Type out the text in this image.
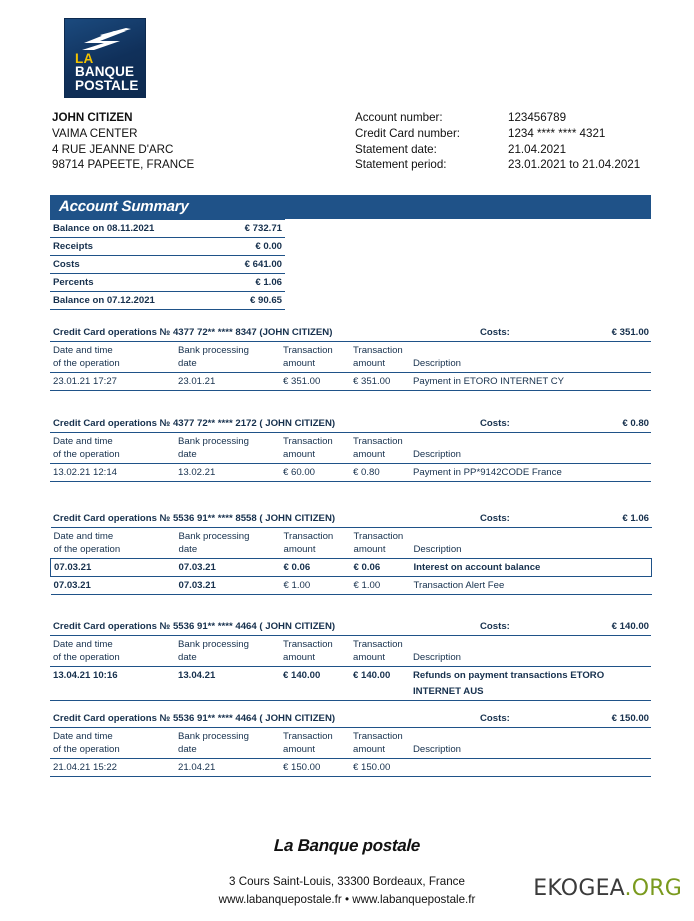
LA
BANQUE
POSTALE
JOHN CITIZEN
VAIMA CENTER
4 RUE JEANNE D'ARC
98714 PAPEETE, FRANCE
Account number:	123456789
Credit Card number:	1234 **** **** 4321
Statement date:	21.04.2021
Statement period:	23.01.2021 to 21.04.2021
Account Summary
Balance on 08.11.2021	€ 732.71
Receipts	€ 0.00
Costs	€ 641.00
Percents	€ 1.06
Balance on 07.12.2021	€ 90.65
Credit Card operations № 4377 72** **** 8347 (JOHN CITIZEN)	Costs:	€ 351.00
Date and time	Bank processing	Transaction	Transaction	
of the operation	date	amount	amount	Description
23.01.21 17:27	23.01.21	€ 351.00	€ 351.00	Payment in ETORO INTERNET CY
Credit Card operations № 4377 72** **** 2172 ( JOHN CITIZEN)	Costs:	€ 0.80
Date and time	Bank processing	Transaction	Transaction	
of the operation	date	amount	amount	Description
13.02.21 12:14	13.02.21	€ 60.00	€ 0.80	Payment in PP*9142CODE France
Credit Card operations № 5536 91** **** 8558 ( JOHN CITIZEN)	Costs:	€ 1.06
Date and time	Bank processing	Transaction	Transaction	
of the operation	date	amount	amount	Description
07.03.21	07.03.21	€ 0.06	€ 0.06	Interest on account balance
07.03.21	07.03.21	€ 1.00	€ 1.00	Transaction Alert Fee
Credit Card operations № 5536 91** **** 4464 ( JOHN CITIZEN)	Costs:	€ 140.00
Date and time	Bank processing	Transaction	Transaction	
of the operation	date	amount	amount	Description
13.04.21 10:16	13.04.21	€ 140.00	€ 140.00	Refunds on payment transactions ETORO
				INTERNET AUS
Credit Card operations № 5536 91** **** 4464 ( JOHN CITIZEN)	Costs:	€ 150.00
Date and time	Bank processing	Transaction	Transaction	
of the operation	date	amount	amount	Description
21.04.21 15:22	21.04.21	€ 150.00	€ 150.00	
La Banque postale
3 Cours Saint-Louis, 33300 Bordeaux, France
www.labanquepostale.fr • www.labanquepostale.fr	EKOGEA.ORG
